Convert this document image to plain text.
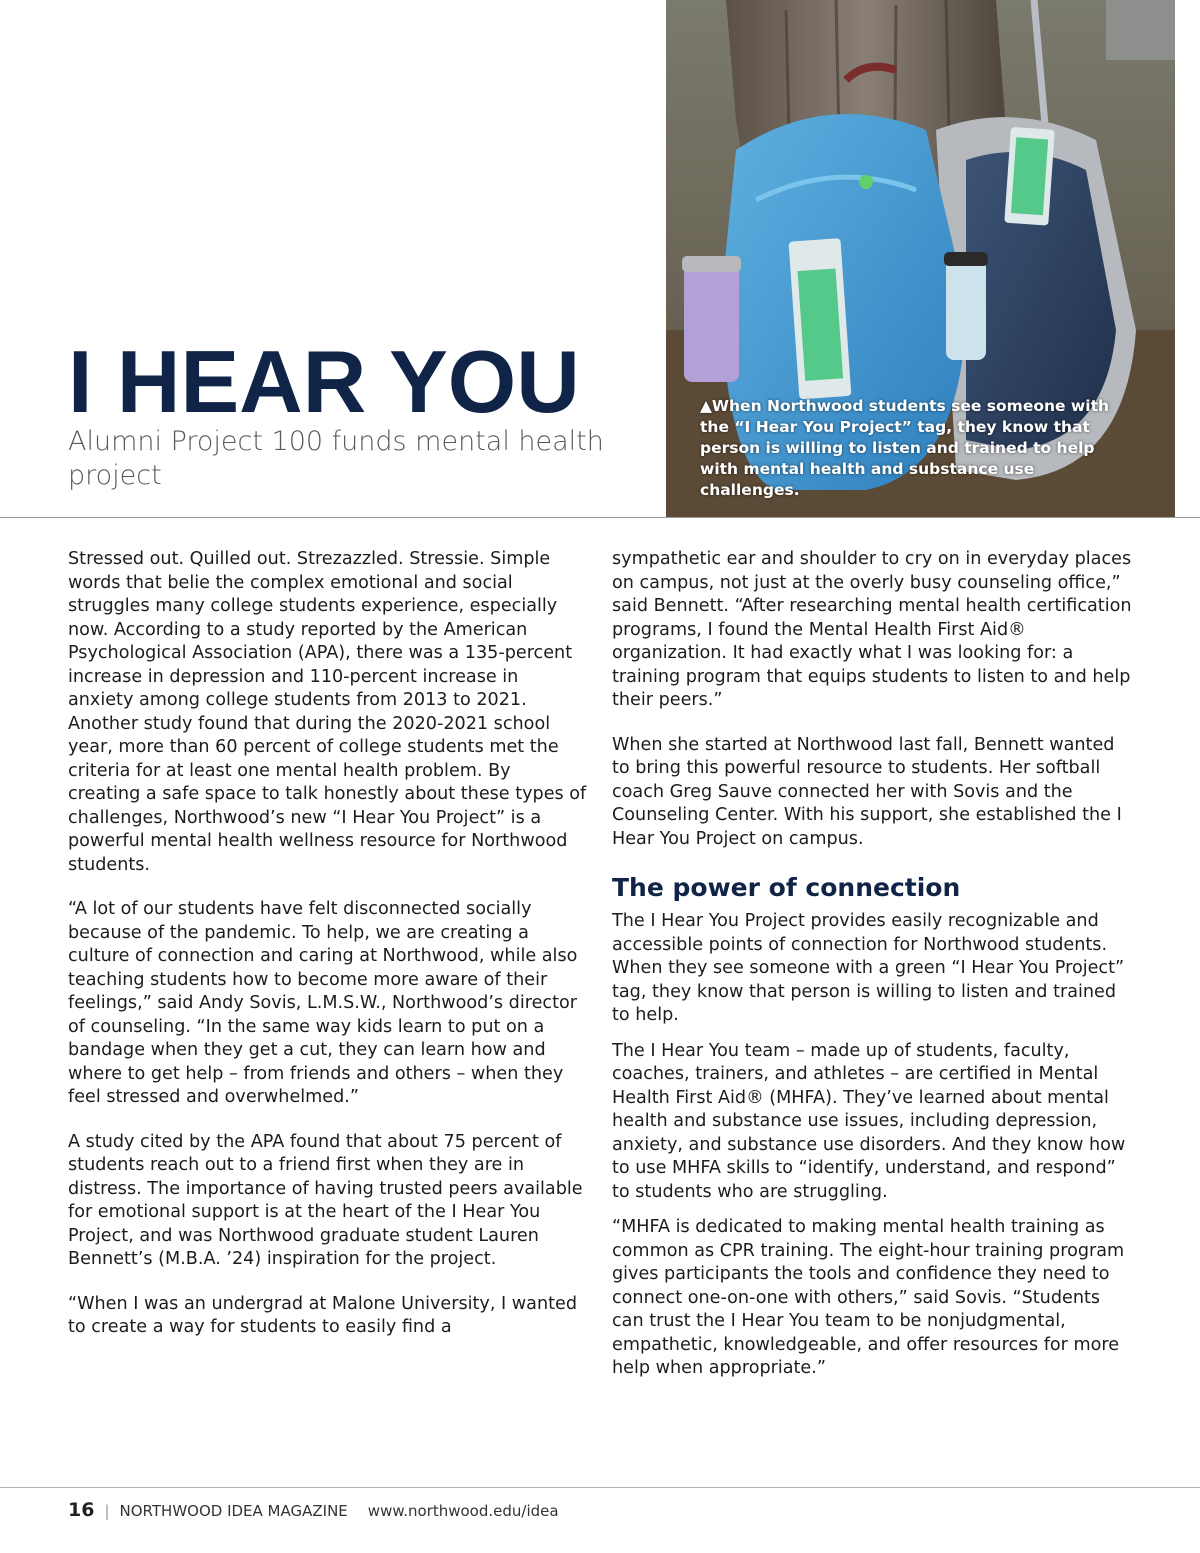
I HEAR YOU

Alumni Project 100 funds mental health project

▲When Northwood students see someone with the “I Hear You Project” tag, they know that person is willing to listen and trained to help with mental health and substance use challenges.

Stressed out. Quilled out. Strezazzled. Stressie. Simple words that belie the complex emotional and social struggles many college students experience, especially now. According to a study reported by the American Psychological Association (APA), there was a 135-percent increase in depression and 110-percent increase in anxiety among college students from 2013 to 2021. Another study found that during the 2020-2021 school year, more than 60 percent of college students met the criteria for at least one mental health problem. By creating a safe space to talk honestly about these types of challenges, Northwood’s new “I Hear You Project” is a powerful mental health wellness resource for Northwood students.

“A lot of our students have felt disconnected socially because of the pandemic. To help, we are creating a culture of connection and caring at Northwood, while also teaching students how to become more aware of their feelings,” said Andy Sovis, L.M.S.W., Northwood’s director of counseling. “In the same way kids learn to put on a bandage when they get a cut, they can learn how and where to get help – from friends and others – when they feel stressed and overwhelmed.”

A study cited by the APA found that about 75 percent of students reach out to a friend first when they are in distress. The importance of having trusted peers available for emotional support is at the heart of the I Hear You Project, and was Northwood graduate student Lauren Bennett’s (M.B.A. ’24) inspiration for the project.

“When I was an undergrad at Malone University, I wanted to create a way for students to easily find a

sympathetic ear and shoulder to cry on in everyday places on campus, not just at the overly busy counseling office,” said Bennett. “After researching mental health certification programs, I found the Mental Health First Aid® organization. It had exactly what I was looking for: a training program that equips students to listen to and help their peers.”

When she started at Northwood last fall, Bennett wanted to bring this powerful resource to students. Her softball coach Greg Sauve connected her with Sovis and the Counseling Center. With his support, she established the I Hear You Project on campus.

The power of connection

The I Hear You Project provides easily recognizable and accessible points of connection for Northwood students. When they see someone with a green “I Hear You Project” tag, they know that person is willing to listen and trained to help.

The I Hear You team – made up of students, faculty, coaches, trainers, and athletes – are certified in Mental Health First Aid® (MHFA). They’ve learned about mental health and substance use issues, including depression, anxiety, and substance use disorders. And they know how to use MHFA skills to “identify, understand, and respond” to students who are struggling.

“MHFA is dedicated to making mental health training as common as CPR training. The eight-hour training program gives participants the tools and confidence they need to connect one-on-one with others,” said Sovis. “Students can trust the I Hear You team to be nonjudgmental, empathetic, knowledgeable, and offer resources for more help when appropriate.”

16 | NORTHWOOD IDEA MAGAZINE www.northwood.edu/idea
